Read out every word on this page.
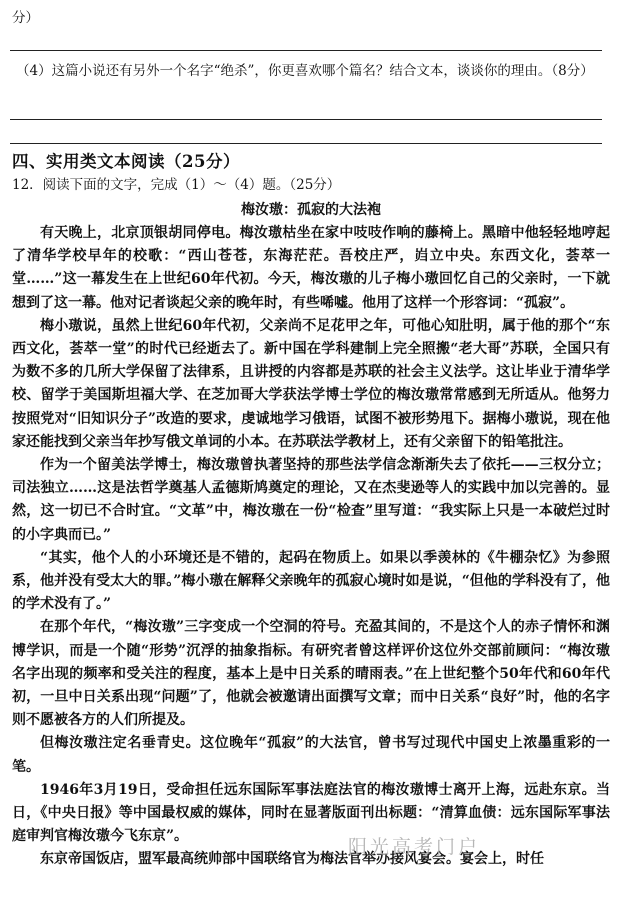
分）
（4）这篇小说还有另外一个名字“绝杀”，你更喜欢哪个篇名？结合文本，谈谈你的理由。（8分）
四、实用类文本阅读（25分）
12．阅读下面的文字，完成（1）～（4）题。（25分）
梅汝璈：孤寂的大法袍

有天晚上，北京顶银胡同停电。梅汝璈枯坐在家中吱吱作响的藤椅上。黑暗中他轻轻地哼起了清华学校早年的校歌：“西山苍苍，东海茫茫。吾校庄严，岿立中央。东西文化，荟萃一堂……”这一幕发生在上世纪60年代初。今天，梅汝璈的儿子梅小璈回忆自己的父亲时，一下就想到了这一幕。他对记者谈起父亲的晚年时，有些唏嘘。他用了这样一个形容词：“孤寂”。

梅小璈说，虽然上世纪60年代初，父亲尚不足花甲之年，可他心知肚明，属于他的那个“东西文化，荟萃一堂”的时代已经逝去了。新中国在学科建制上完全照搬“老大哥”苏联，全国只有为数不多的几所大学保留了法律系，且讲授的内容都是苏联的社会主义法学。这让毕业于清华学校、留学于美国斯坦福大学、在芝加哥大学获法学博士学位的梅汝璈常常感到无所适从。他努力按照党对“旧知识分子”改造的要求，虔诚地学习俄语，试图不被形势甩下。据梅小璈说，现在他家还能找到父亲当年抄写俄文单词的小本。在苏联法学教材上，还有父亲留下的铅笔批注。

作为一个留美法学博士，梅汝璈曾执著坚持的那些法学信念渐渐失去了依托——三权分立；司法独立……这是法哲学奠基人孟德斯鸠奠定的理论，又在杰斐逊等人的实践中加以完善的。显然，这一切已不合时宜。“文革”中，梅汝璈在一份“检查”里写道：“我实际上只是一本破烂过时的小字典而已。”

“其实，他个人的小环境还是不错的，起码在物质上。如果以季羡林的《牛棚杂忆》为参照系，他并没有受太大的罪。”梅小璈在解释父亲晚年的孤寂心境时如是说，“但他的学科没有了，他的学术没有了。”

在那个年代，“梅汝璈”三字变成一个空洞的符号。充盈其间的，不是这个人的赤子情怀和渊博学识，而是一个随“形势”沉浮的抽象指标。有研究者曾这样评价这位外交部前顾问：“梅汝璈名字出现的频率和受关注的程度，基本上是中日关系的晴雨表。”在上世纪整个50年代和60年代初，一旦中日关系出现“问题”了，他就会被邀请出面撰写文章；而中日关系“良好”时，他的名字则不愿被各方的人们所提及。

但梅汝璈注定名垂青史。这位晚年“孤寂”的大法官，曾书写过现代中国史上浓墨重彩的一笔。

1946年3月19日，受命担任远东国际军事法庭法官的梅汝璈博士离开上海，远赴东京。当日，《中央日报》等中国最权威的媒体，同时在显著版面刊出标题：“清算血债：远东国际军事法庭审判官梅汝璈今飞东京”。

东京帝国饭店，盟军最高统帅部中国联络官为梅法官举办接风宴会。宴会上，时任

阳光高考门户
